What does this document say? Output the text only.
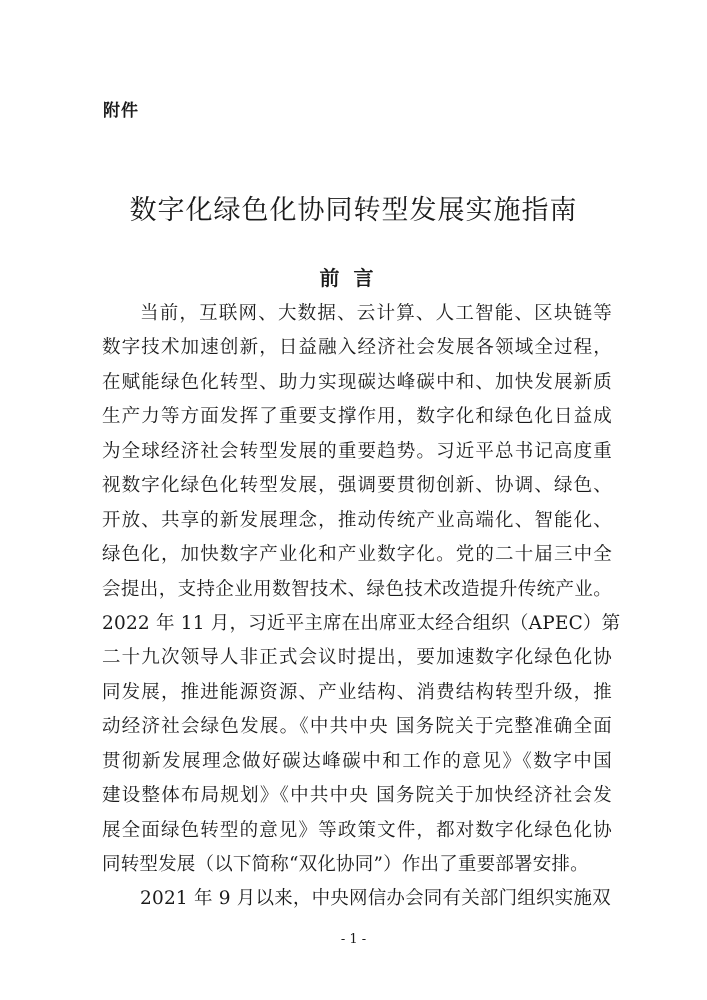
附件
数字化绿色化协同转型发展实施指南
前言
当前，互联网、大数据、云计算、人工智能、区块链等
数字技术加速创新，日益融入经济社会发展各领域全过程，
在赋能绿色化转型、助力实现碳达峰碳中和、加快发展新质
生产力等方面发挥了重要支撑作用，数字化和绿色化日益成
为全球经济社会转型发展的重要趋势。习近平总书记高度重
视数字化绿色化转型发展，强调要贯彻创新、协调、绿色、
开放、共享的新发展理念，推动传统产业高端化、智能化、
绿色化，加快数字产业化和产业数字化。党的二十届三中全
会提出，支持企业用数智技术、绿色技术改造提升传统产业。
2022 年 11 月，习近平主席在出席亚太经合组织（APEC）第
二十九次领导人非正式会议时提出，要加速数字化绿色化协
同发展，推进能源资源、产业结构、消费结构转型升级，推
动经济社会绿色发展。《中共中央 国务院关于完整准确全面
贯彻新发展理念做好碳达峰碳中和工作的意见》《数字中国
建设整体布局规划》《中共中央 国务院关于加快经济社会发
展全面绿色转型的意见》等政策文件，都对数字化绿色化协
同转型发展（以下简称“双化协同”）作出了重要部署安排。
2021 年 9 月以来，中央网信办会同有关部门组织实施双
- 1 -
